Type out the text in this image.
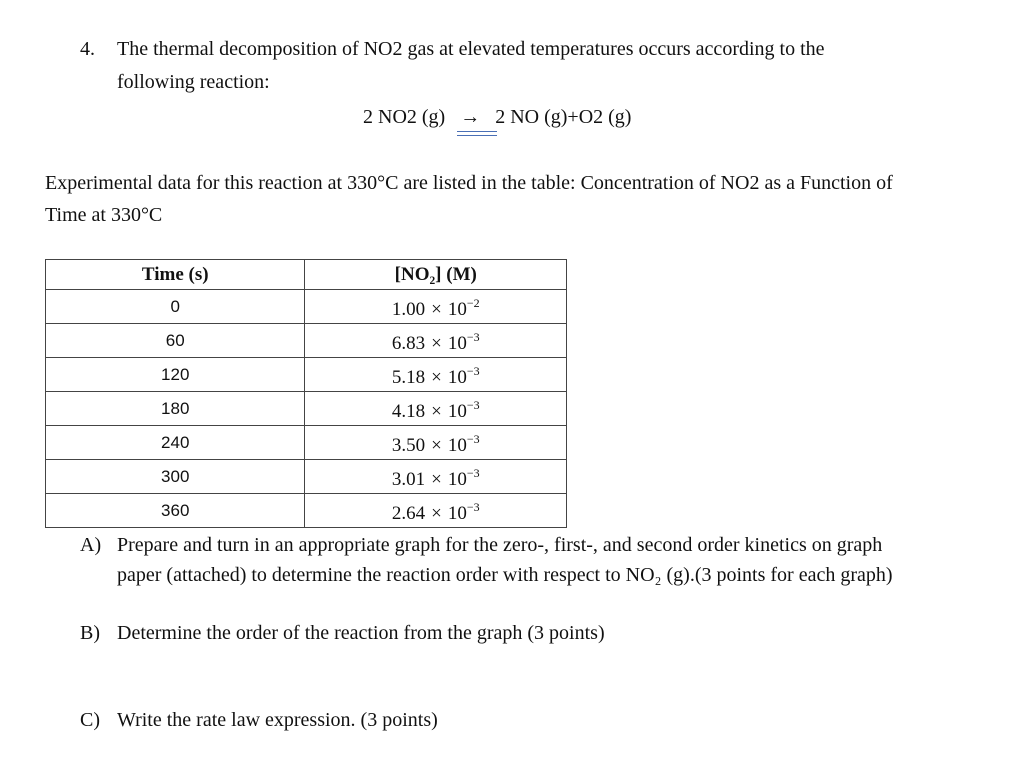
4. The thermal decomposition of NO2 gas at elevated temperatures occurs according to the
following reaction:
2 NO2 (g) → 2 NO (g)+O2 (g)
Experimental data for this reaction at 330°C are listed in the table: Concentration of NO2 as a Function of
Time at 330°C
Time (s)	[NO₂] (M)
0	$1.00 \times 10^{-2}$
60	$6.83 \times 10^{-3}$
120	$5.18 \times 10^{-3}$
180	$4.18 \times 10^{-3}$
240	$3.50 \times 10^{-3}$
300	$3.01 \times 10^{-3}$
360	$2.64 \times 10^{-3}$
A) Prepare and turn in an appropriate graph for the zero-, first-, and second order kinetics on graph
paper (attached) to determine the reaction order with respect to NO₂ (g).(3 points for each graph)
B) Determine the order of the reaction from the graph (3 points)
C) Write the rate law expression. (3 points)
